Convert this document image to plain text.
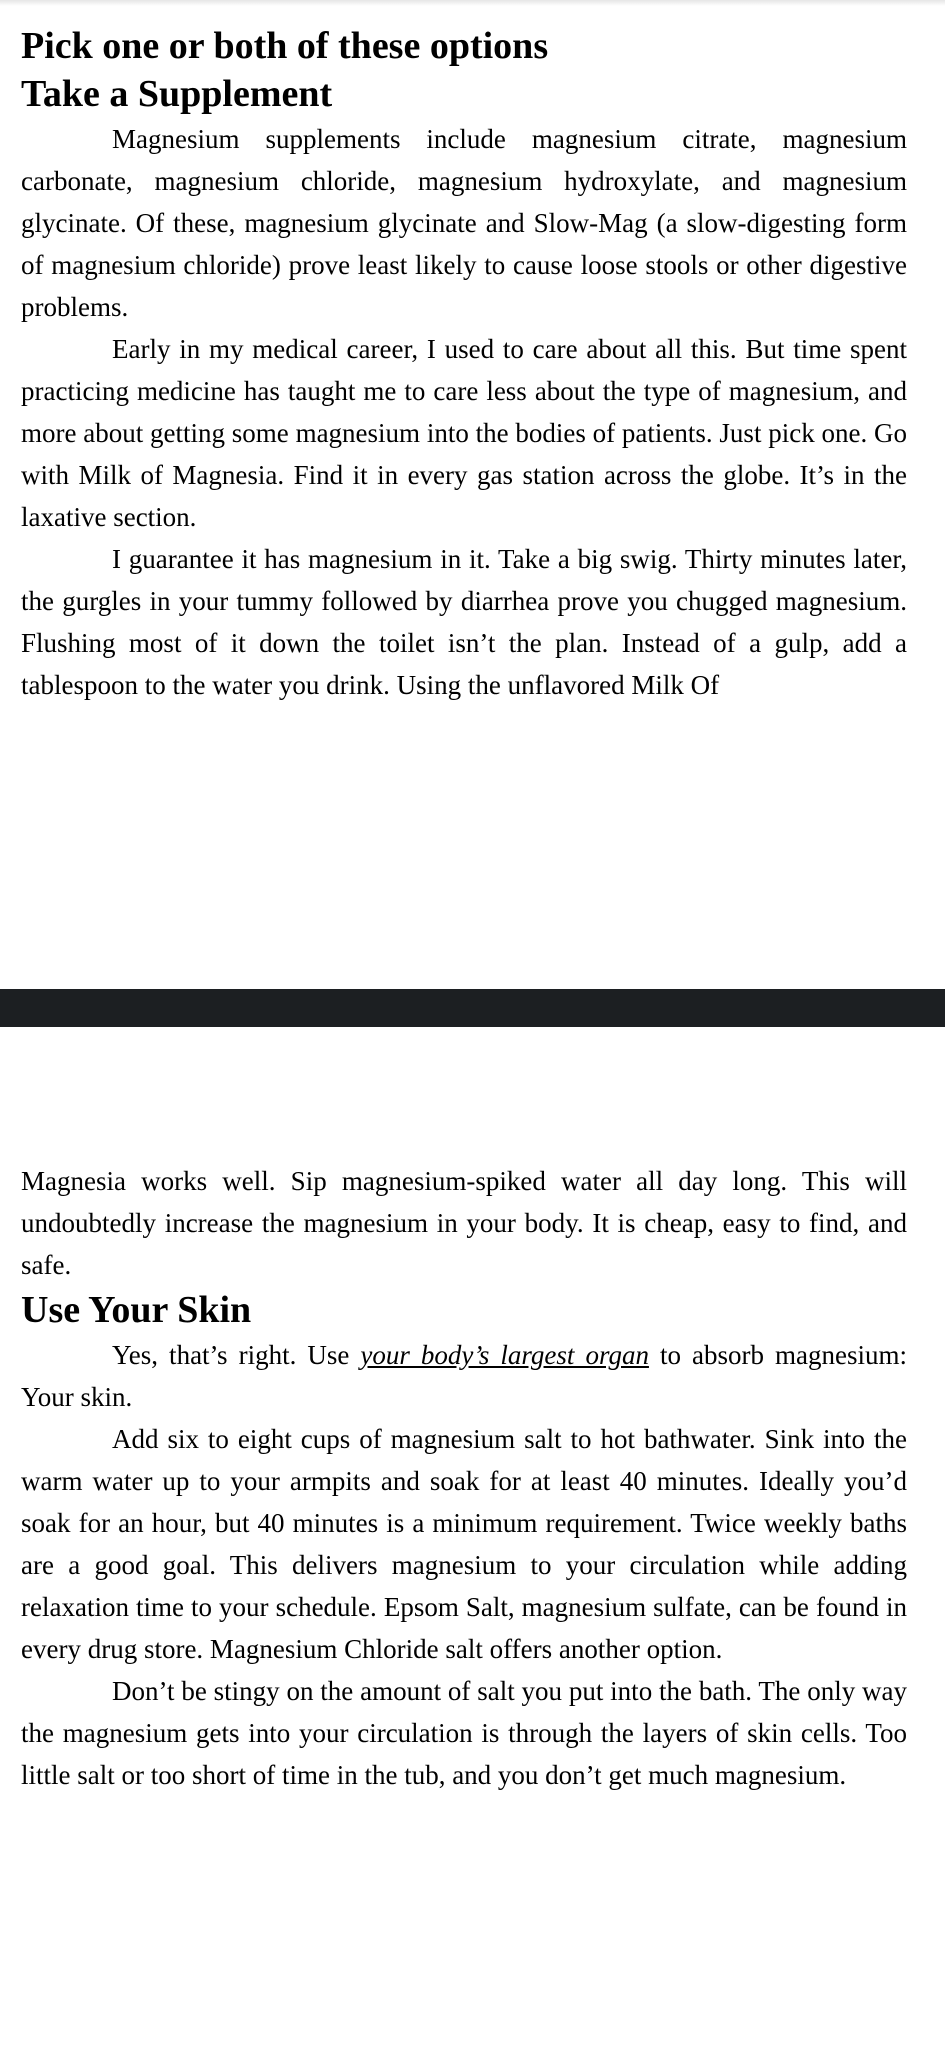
Pick one or both of these options
Take a Supplement

Magnesium supplements include magnesium citrate, magnesium carbonate, magnesium chloride, magnesium hydroxylate, and magnesium glycinate. Of these, magnesium glycinate and Slow-Mag (a slow-digesting form of magnesium chloride) prove least likely to cause loose stools or other digestive problems.

Early in my medical career, I used to care about all this. But time spent practicing medicine has taught me to care less about the type of magnesium, and more about getting some magnesium into the bodies of patients. Just pick one. Go with Milk of Magnesia. Find it in every gas station across the globe. It’s in the laxative section.

I guarantee it has magnesium in it. Take a big swig. Thirty minutes later, the gurgles in your tummy followed by diarrhea prove you chugged magnesium. Flushing most of it down the toilet isn’t the plan. Instead of a gulp, add a tablespoon to the water you drink. Using the unflavored Milk Of

Magnesia works well. Sip magnesium-spiked water all day long. This will undoubtedly increase the magnesium in your body. It is cheap, easy to find, and safe.

Use Your Skin

Yes, that’s right. Use your body’s largest organ to absorb magnesium: Your skin.

Add six to eight cups of magnesium salt to hot bathwater. Sink into the warm water up to your armpits and soak for at least 40 minutes. Ideally you’d soak for an hour, but 40 minutes is a minimum requirement. Twice weekly baths are a good goal. This delivers magnesium to your circulation while adding relaxation time to your schedule. Epsom Salt, magnesium sulfate, can be found in every drug store. Magnesium Chloride salt offers another option.

Don’t be stingy on the amount of salt you put into the bath. The only way the magnesium gets into your circulation is through the layers of skin cells. Too little salt or too short of time in the tub, and you don’t get much magnesium.
